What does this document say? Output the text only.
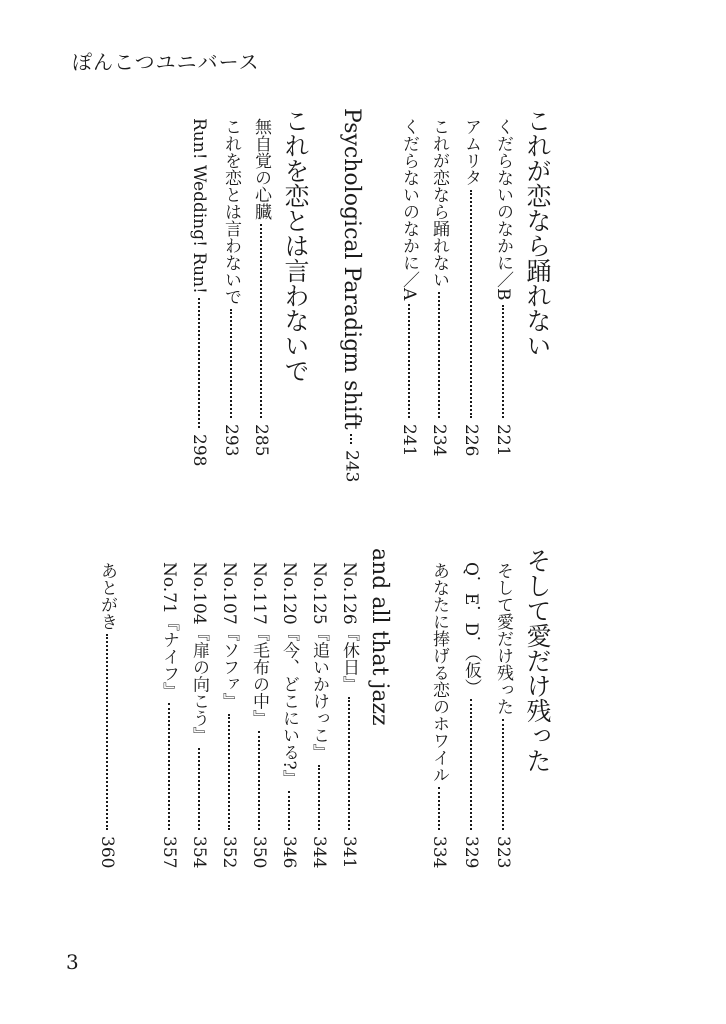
ぽんこつユニバース
これが恋なら踊れない
くだらないのなかに／B
221
アムリタ
226
これが恋なら踊れない
234
くだらないのなかに／A
241
Psychological Paradigm shift
243
これを恋とは言わないで
無自覚の心臓
285
これを恋とは言わないで
293
Run! Wedding! Run!
298
そして愛だけ残った
そして愛だけ残った
323
Q．E．D．（仮）
329
あなたに捧げる恋のホワイル
334
and all that jazz
No.126『休日』
341
No.125『追いかけっこ』
344
No.120『今、どこにいる?』
346
No.117『毛布の中』
350
No.107『ソファ』
352
No.104『扉の向こう』
354
No.71『ナイフ』
357
あとがき
360
3
